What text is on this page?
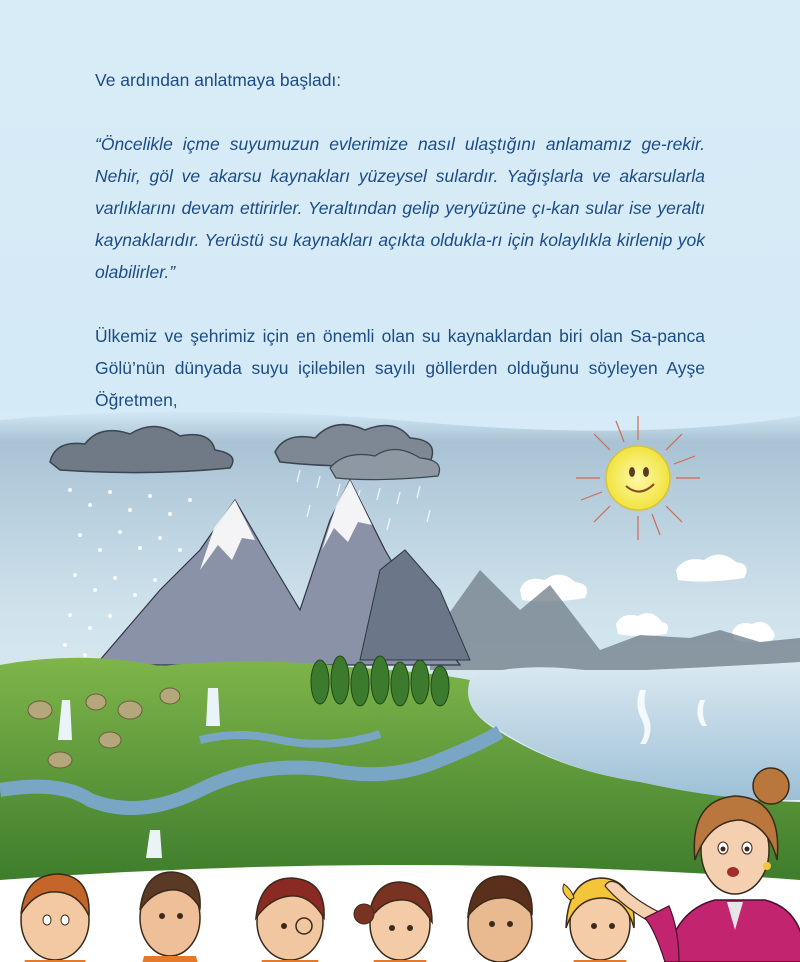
Ve ardından anlatmaya başladı:

“Öncelikle içme suyumuzun evlerimize nasıl ulaştığını anlamamız ge-rekir. Nehir, göl ve akarsu kaynakları yüzeysel sulardır. Yağışlarla ve akarsularla varlıklarını devam ettirirler. Yeraltından gelip yeryüzüne çı-kan sular ise yeraltı kaynaklarıdır. Yerüstü su kaynakları açıkta oldukla-rı için kolaylıkla kirlenip yok olabilirler.”

Ülkemiz ve şehrimiz için en önemli olan su kaynaklardan biri olan Sa-panca Gölü’nün dünyada suyu içilebilen sayılı göllerden olduğunu söyleyen Ayşe Öğretmen,
